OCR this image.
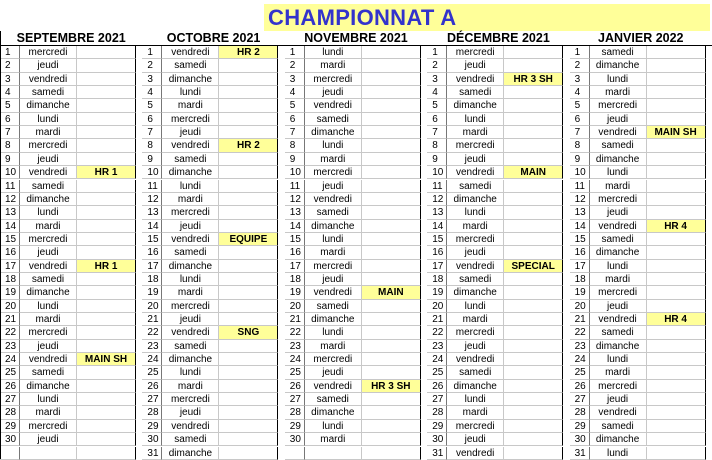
CHAMPIONNAT A
SEPTEMBRE 2021
1	mercredi
2	jeudi
3	vendredi
4	samedi
5	dimanche
6	lundi
7	mardi
8	mercredi
9	jeudi
10	vendredi	HR 1
11	samedi
12	dimanche
13	lundi
14	mardi
15	mercredi
16	jeudi
17	vendredi	HR 1
18	samedi
19	dimanche
20	lundi
21	mardi
22	mercredi
23	jeudi
24	vendredi	MAIN SH
25	samedi
26	dimanche
27	lundi
28	mardi
29	mercredi
30	jeudi
OCTOBRE 2021
1	vendredi	HR 2
2	samedi
3	dimanche
4	lundi
5	mardi
6	mercredi
7	jeudi
8	vendredi	HR 2
9	samedi
10	dimanche
11	lundi
12	mardi
13	mercredi
14	jeudi
15	vendredi	EQUIPE
16	samedi
17	dimanche
18	lundi
19	mardi
20	mercredi
21	jeudi
22	vendredi	SNG
23	samedi
24	dimanche
25	lundi
26	mardi
27	mercredi
28	jeudi
29	vendredi
30	samedi
31	dimanche
NOVEMBRE 2021
1	lundi
2	mardi
3	mercredi
4	jeudi
5	vendredi
6	samedi
7	dimanche
8	lundi
9	mardi
10	mercredi
11	jeudi
12	vendredi
13	samedi
14	dimanche
15	lundi
16	mardi
17	mercredi
18	jeudi
19	vendredi	MAIN
20	samedi
21	dimanche
22	lundi
23	mardi
24	mercredi
25	jeudi
26	vendredi	HR 3 SH
27	samedi
28	dimanche
29	lundi
30	mardi
DÉCEMBRE 2021
1	mercredi
2	jeudi
3	vendredi	HR 3 SH
4	samedi
5	dimanche
6	lundi
7	mardi
8	mercredi
9	jeudi
10	vendredi	MAIN
11	samedi
12	dimanche
13	lundi
14	mardi
15	mercredi
16	jeudi
17	vendredi	SPECIAL
18	samedi
19	dimanche
20	lundi
21	mardi
22	mercredi
23	jeudi
24	vendredi
25	samedi
26	dimanche
27	lundi
28	mardi
29	mercredi
30	jeudi
31	vendredi
JANVIER 2022
1	samedi
2	dimanche
3	lundi
4	mardi
5	mercredi
6	jeudi
7	vendredi	MAIN SH
8	samedi
9	dimanche
10	lundi
11	mardi
12	mercredi
13	jeudi
14	vendredi	HR 4
15	samedi
16	dimanche
17	lundi
18	mardi
19	mercredi
20	jeudi
21	vendredi	HR 4
22	samedi
23	dimanche
24	lundi
25	mardi
26	mercredi
27	jeudi
28	vendredi
29	samedi
30	dimanche
31	lundi
